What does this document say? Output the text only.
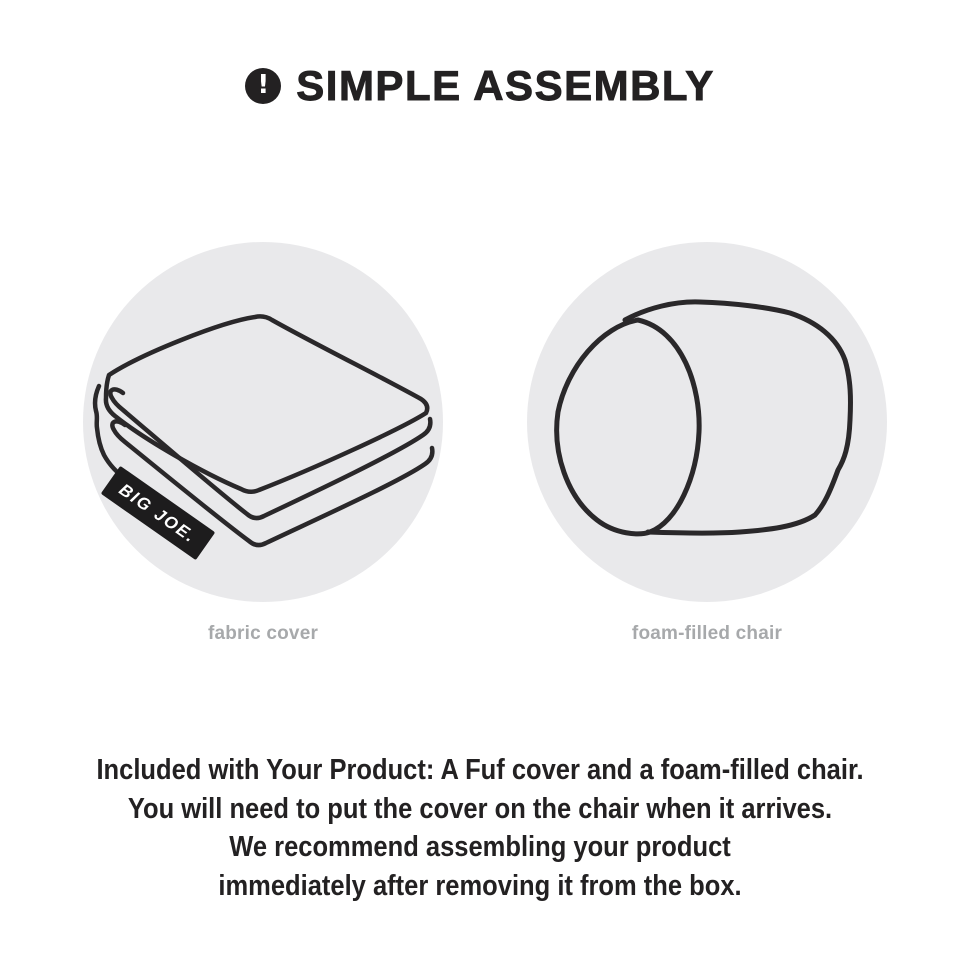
! SIMPLE ASSEMBLY
BIG JOE.
fabric cover	foam-filled chair

Included with Your Product: A Fuf cover and a foam-filled chair.

You will need to put the cover on the chair when it arrives.

We recommend assembling your product

immediately after removing it from the box.
